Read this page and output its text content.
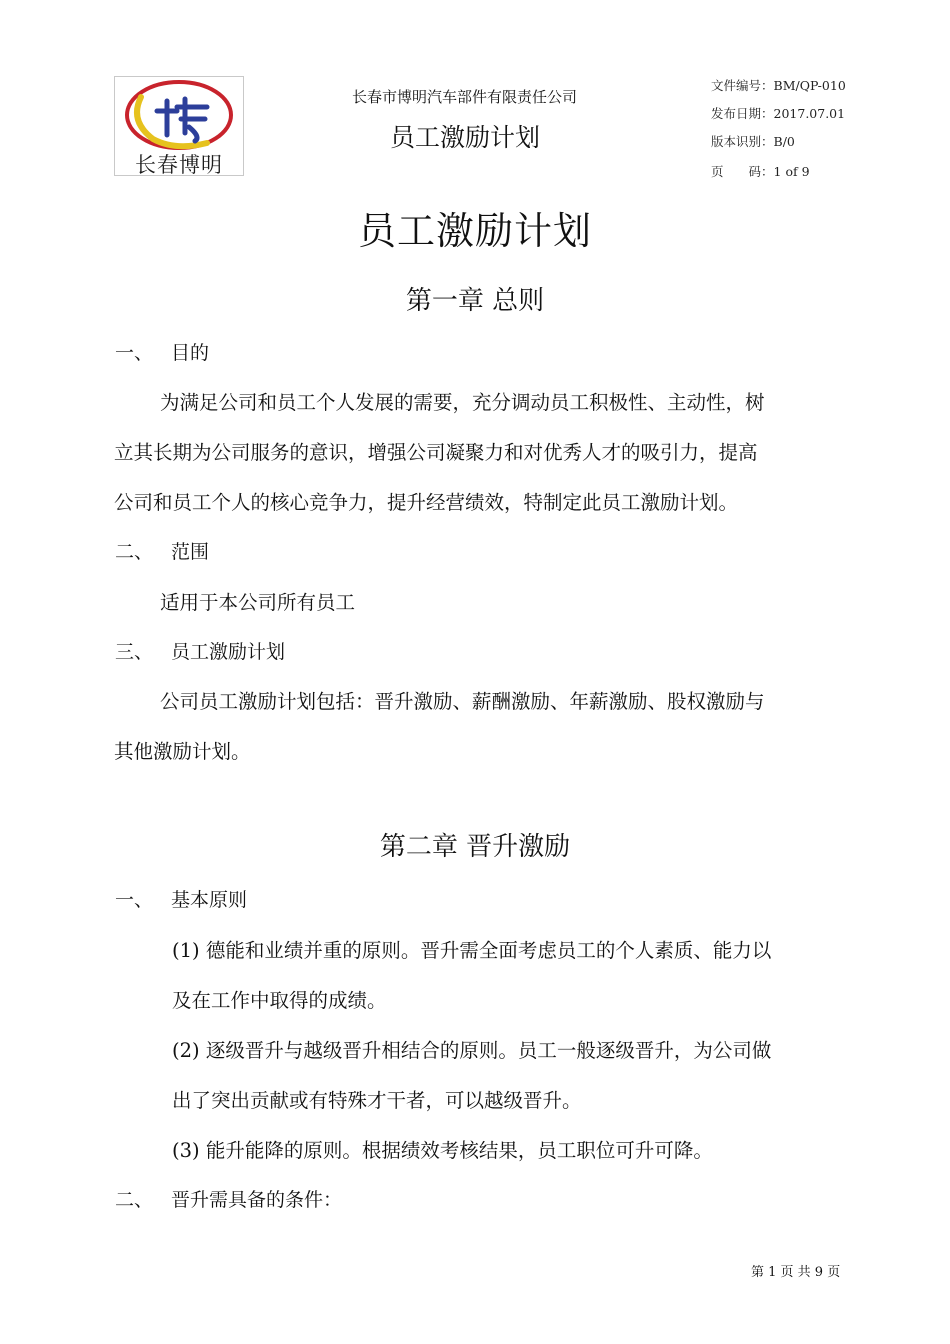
长春博明
长春市博明汽车部件有限责任公司
员工激励计划
文件编号：BM/QP-010
发布日期：2017.07.01
版本识别：B/0
页　　码：1 of 9
员工激励计划
第一章 总则
一、 目的
为满足公司和员工个人发展的需要，充分调动员工积极性、主动性，树
立其长期为公司服务的意识，增强公司凝聚力和对优秀人才的吸引力，提高
公司和员工个人的核心竞争力，提升经营绩效，特制定此员工激励计划。
二、 范围
适用于本公司所有员工
三、 员工激励计划
公司员工激励计划包括：晋升激励、薪酬激励、年薪激励、股权激励与
其他激励计划。
第二章 晋升激励
一、 基本原则
(1) 德能和业绩并重的原则。晋升需全面考虑员工的个人素质、能力以
及在工作中取得的成绩。
(2) 逐级晋升与越级晋升相结合的原则。员工一般逐级晋升，为公司做
出了突出贡献或有特殊才干者，可以越级晋升。
(3) 能升能降的原则。根据绩效考核结果，员工职位可升可降。
二、 晋升需具备的条件：
第 1 页 共 9 页
